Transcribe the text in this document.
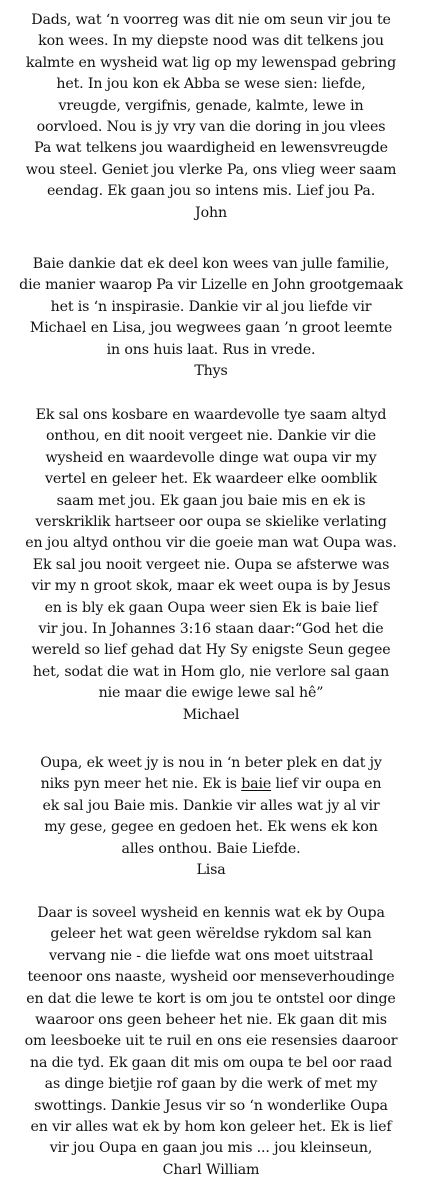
Dads, wat ‘n voorreg was dit nie om seun vir jou te
kon wees. In my diepste nood was dit telkens jou
kalmte en wysheid wat lig op my lewenspad gebring
het. In jou kon ek Abba se wese sien: liefde,
vreugde, vergifnis, genade, kalmte, lewe in
oorvloed. Nou is jy vry van die doring in jou vlees
Pa wat telkens jou waardigheid en lewensvreugde
wou steel. Geniet jou vlerke Pa, ons vlieg weer saam
eendag. Ek gaan jou so intens mis. Lief jou Pa.
John
Baie dankie dat ek deel kon wees van julle familie,
die manier waarop Pa vir Lizelle en John grootgemaak
het is ‘n inspirasie. Dankie vir al jou liefde vir
Michael en Lisa, jou wegwees gaan ’n groot leemte
in ons huis laat. Rus in vrede.
Thys
Ek sal ons kosbare en waardevolle tye saam altyd
onthou, en dit nooit vergeet nie. Dankie vir die
wysheid en waardevolle dinge wat oupa vir my
vertel en geleer het. Ek waardeer elke oomblik
saam met jou. Ek gaan jou baie mis en ek is
verskriklik hartseer oor oupa se skielike verlating
en jou altyd onthou vir die goeie man wat Oupa was.
Ek sal jou nooit vergeet nie. Oupa se afsterwe was
vir my n groot skok, maar ek weet oupa is by Jesus
en is bly ek gaan Oupa weer sien Ek is baie lief
vir jou. In Johannes 3:16 staan daar:“God het die
wereld so lief gehad dat Hy Sy enigste Seun gegee
het, sodat die wat in Hom glo, nie verlore sal gaan
nie maar die ewige lewe sal hê”
Michael
Oupa, ek weet jy is nou in ‘n beter plek en dat jy
niks pyn meer het nie. Ek is baie lief vir oupa en
ek sal jou Baie mis. Dankie vir alles wat jy al vir
my gese, gegee en gedoen het. Ek wens ek kon
alles onthou. Baie Liefde.
Lisa
Daar is soveel wysheid en kennis wat ek by Oupa
geleer het wat geen wëreldse rykdom sal kan
vervang nie - die liefde wat ons moet uitstraal
teenoor ons naaste, wysheid oor menseverhoudinge
en dat die lewe te kort is om jou te ontstel oor dinge
waaroor ons geen beheer het nie. Ek gaan dit mis
om leesboeke uit te ruil en ons eie resensies daaroor
na die tyd. Ek gaan dit mis om oupa te bel oor raad
as dinge bietjie rof gaan by die werk of met my
swottings. Dankie Jesus vir so ‘n wonderlike Oupa
en vir alles wat ek by hom kon geleer het. Ek is lief
vir jou Oupa en gaan jou mis ... jou kleinseun,
Charl William
